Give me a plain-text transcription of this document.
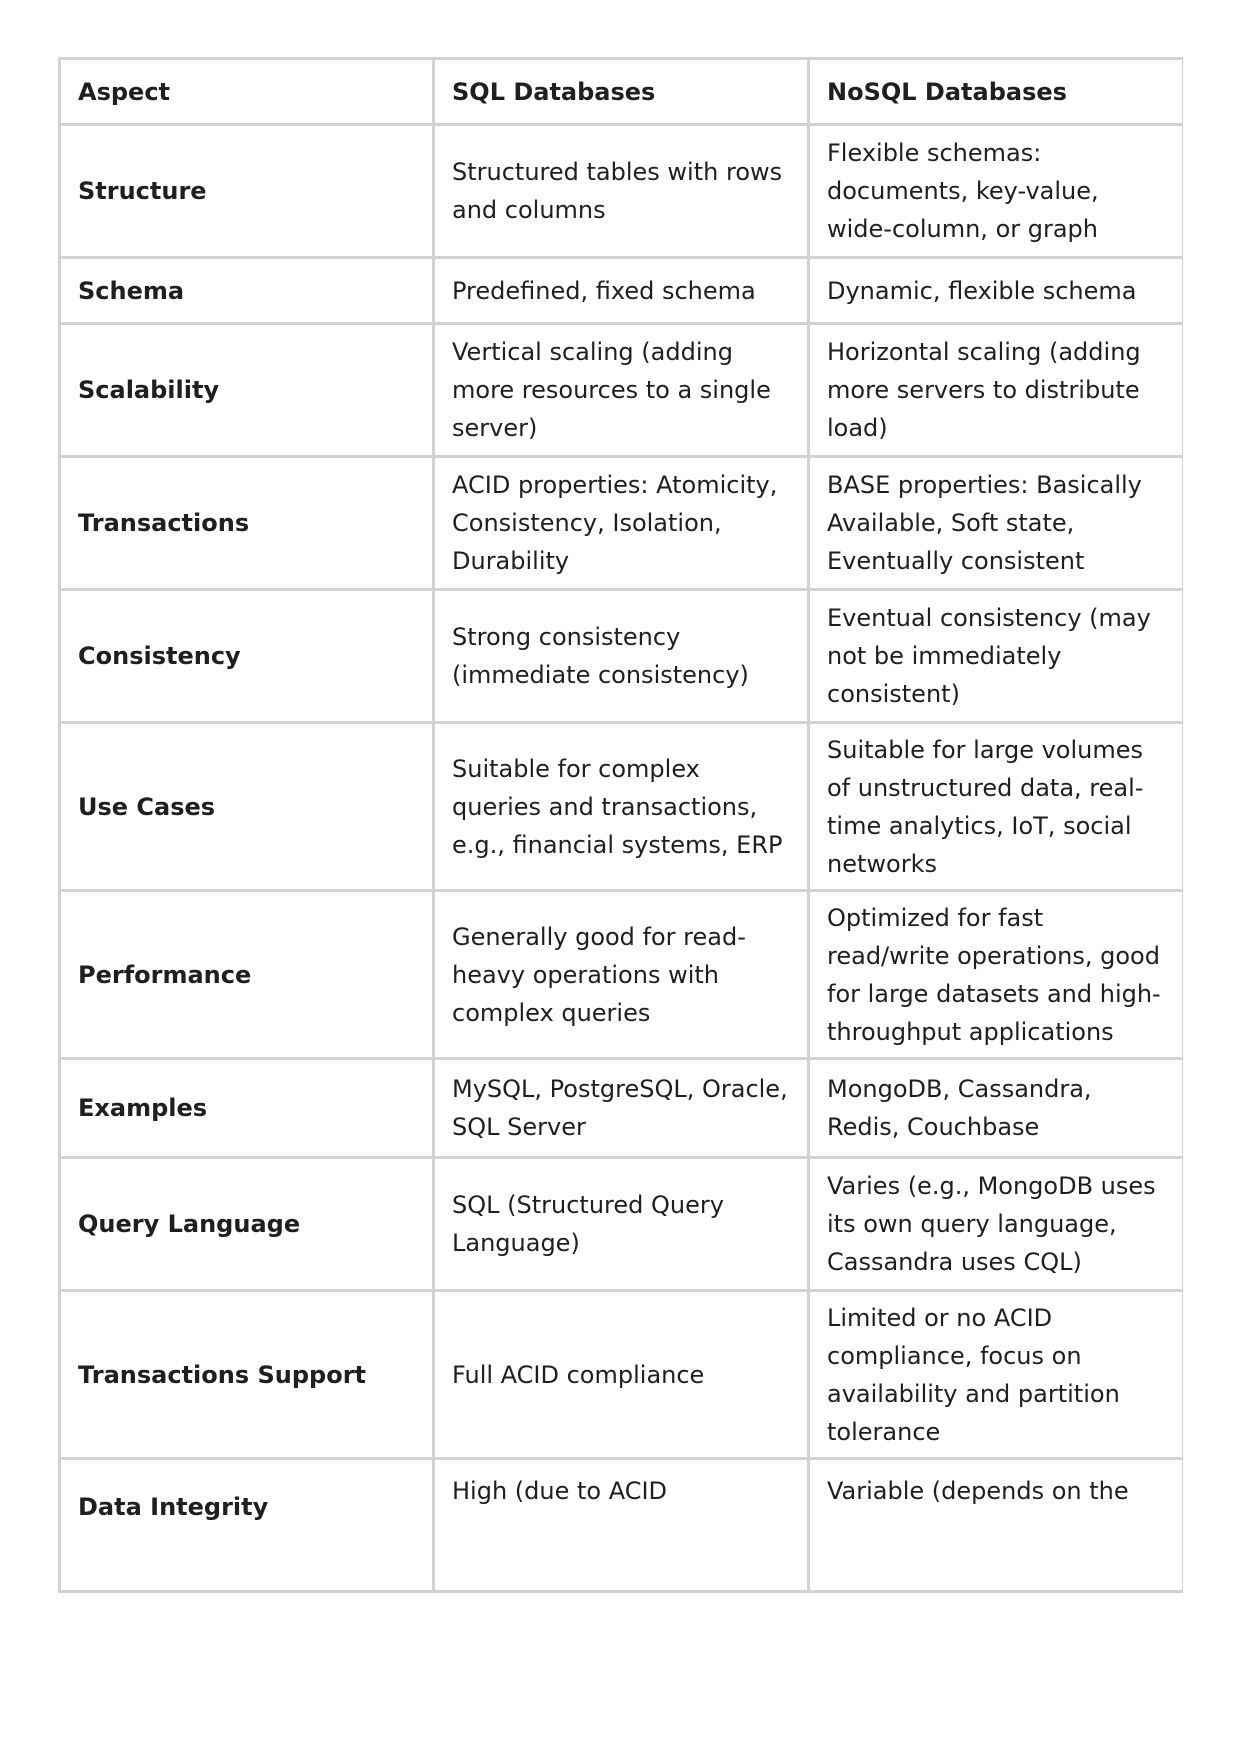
Aspect	SQL Databases	NoSQL Databases
Structure	Structured tables with rows and columns	Flexible schemas: documents, key-value, wide-column, or graph
Schema	Predefined, fixed schema	Dynamic, flexible schema
Scalability	Vertical scaling (adding more resources to a single server)	Horizontal scaling (adding more servers to distribute load)
Transactions	ACID properties: Atomicity, Consistency, Isolation, Durability	BASE properties: Basically Available, Soft state, Eventually consistent
Consistency	Strong consistency (immediate consistency)	Eventual consistency (may not be immediately consistent)
Use Cases	Suitable for complex queries and transactions, e.g., financial systems, ERP	Suitable for large volumes of unstructured data, real-time analytics, IoT, social networks
Performance	Generally good for read-heavy operations with complex queries	Optimized for fast read/write operations, good for large datasets and high-throughput applications
Examples	MySQL, PostgreSQL, Oracle, SQL Server	MongoDB, Cassandra, Redis, Couchbase
Query Language	SQL (Structured Query Language)	Varies (e.g., MongoDB uses its own query language, Cassandra uses CQL)
Transactions Support	Full ACID compliance	Limited or no ACID compliance, focus on availability and partition tolerance
Data Integrity	High (due to ACID	Variable (depends on the
